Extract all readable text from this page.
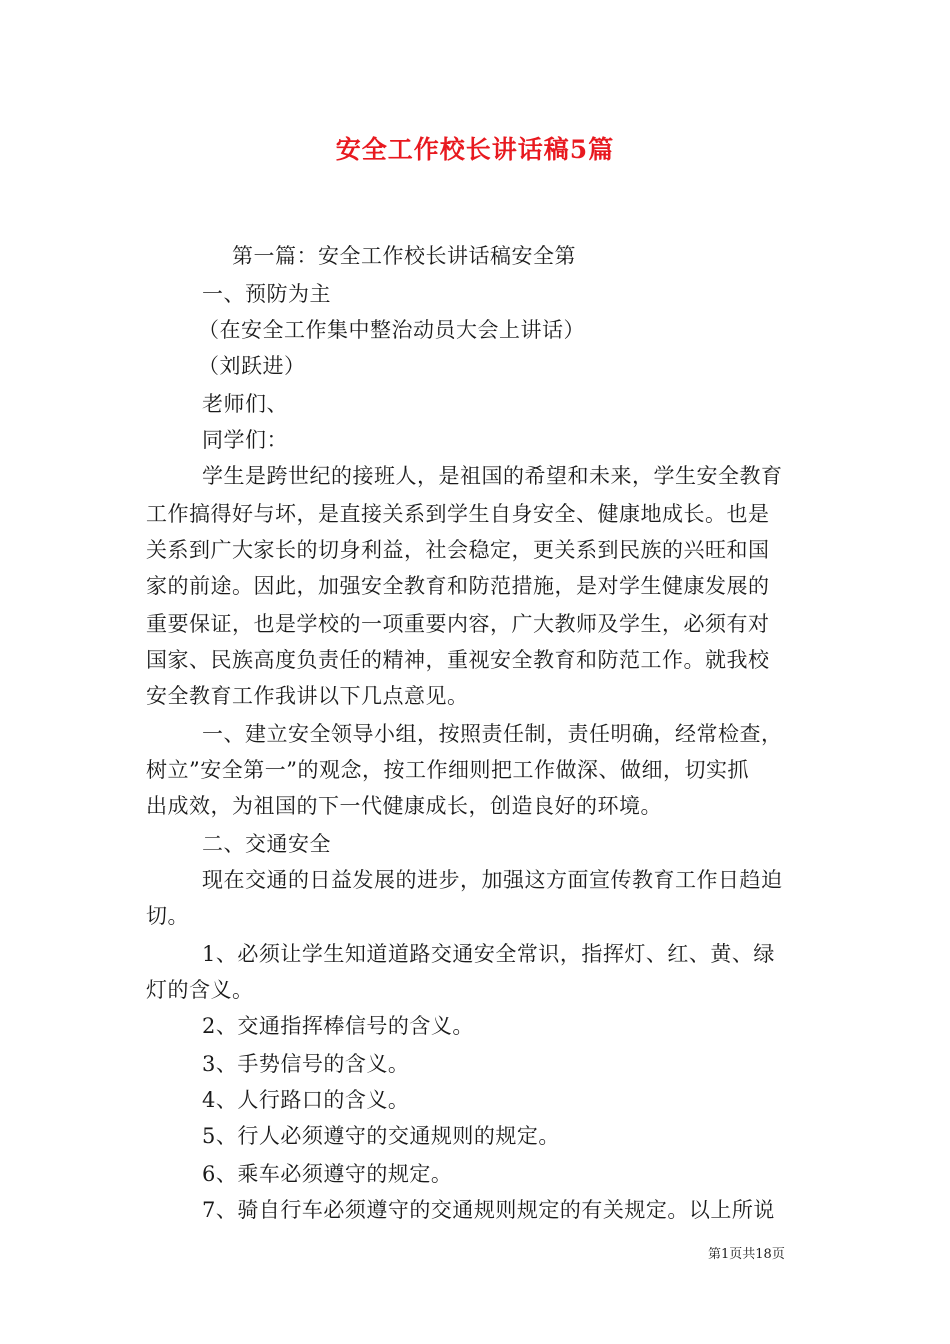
安全工作校长讲话稿5篇
第一篇：安全工作校长讲话稿安全第
一、预防为主
（在安全工作集中整治动员大会上讲话）
（刘跃进）
老师们、
同学们：
学生是跨世纪的接班人，是祖国的希望和未来，学生安全教育
工作搞得好与坏，是直接关系到学生自身安全、健康地成长。也是
关系到广大家长的切身利益，社会稳定，更关系到民族的兴旺和国
家的前途。因此，加强安全教育和防范措施，是对学生健康发展的
重要保证，也是学校的一项重要内容，广大教师及学生，必须有对
国家、民族高度负责任的精神，重视安全教育和防范工作。就我校
安全教育工作我讲以下几点意见。
一、建立安全领导小组，按照责任制，责任明确，经常检查，
树立”安全第一”的观念，按工作细则把工作做深、做细，切实抓
出成效，为祖国的下一代健康成长，创造良好的环境。
二、交通安全
现在交通的日益发展的进步，加强这方面宣传教育工作日趋迫
切。
1、必须让学生知道道路交通安全常识，指挥灯、红、黄、绿
灯的含义。
2、交通指挥棒信号的含义。
3、手势信号的含义。
4、人行路口的含义。
5、行人必须遵守的交通规则的规定。
6、乘车必须遵守的规定。
7、骑自行车必须遵守的交通规则规定的有关规定。以上所说
第1页共18页
